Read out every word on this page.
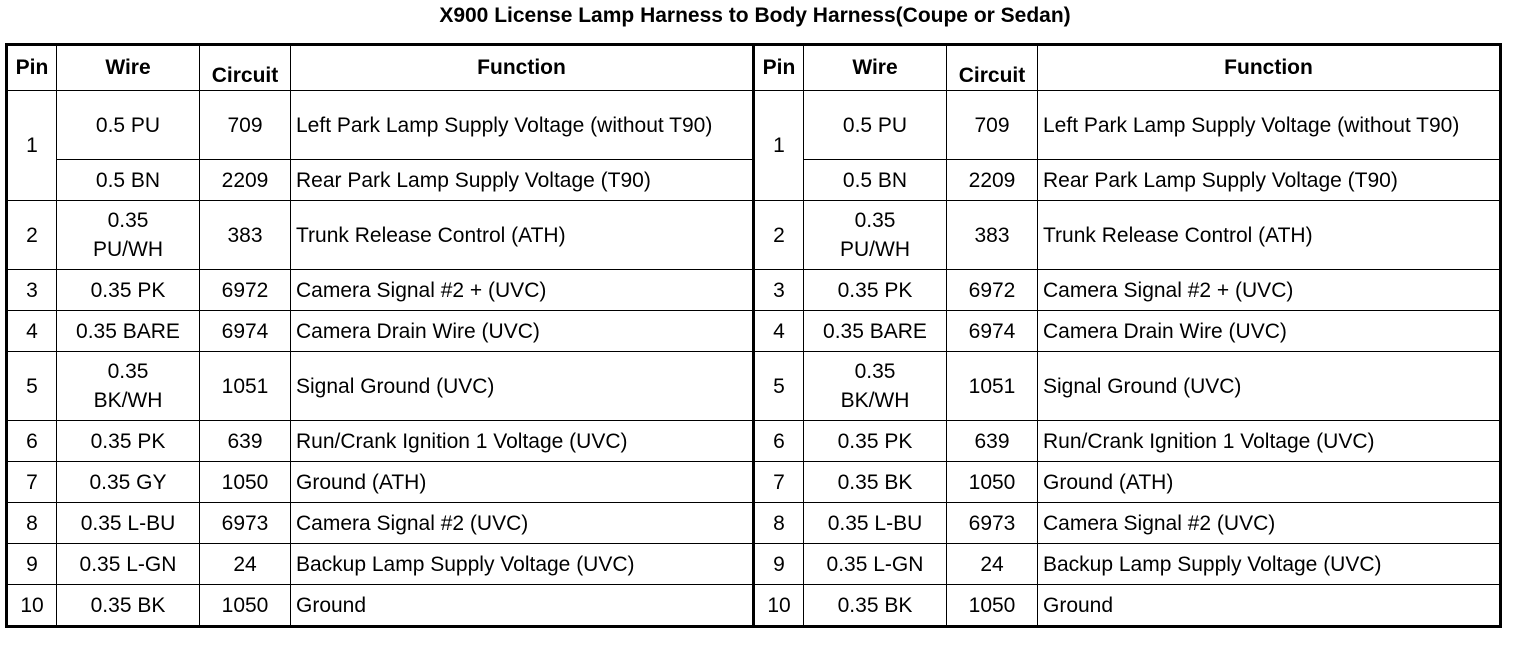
X900 License Lamp Harness to Body Harness(Coupe or Sedan)
Pin	Wire	Circuit	Function	Pin	Wire	Circuit	Function
1	0.5 PU	709	Left Park Lamp Supply Voltage (without T90)	1	0.5 PU	709	Left Park Lamp Supply Voltage (without T90)
	0.5 BN	2209	Rear Park Lamp Supply Voltage (T90)		0.5 BN	2209	Rear Park Lamp Supply Voltage (T90)
2	0.35 PU/WH	383	Trunk Release Control (ATH)	2	0.35 PU/WH	383	Trunk Release Control (ATH)
3	0.35 PK	6972	Camera Signal #2 + (UVC)	3	0.35 PK	6972	Camera Signal #2 + (UVC)
4	0.35 BARE	6974	Camera Drain Wire (UVC)	4	0.35 BARE	6974	Camera Drain Wire (UVC)
5	0.35 BK/WH	1051	Signal Ground (UVC)	5	0.35 BK/WH	1051	Signal Ground (UVC)
6	0.35 PK	639	Run/Crank Ignition 1 Voltage (UVC)	6	0.35 PK	639	Run/Crank Ignition 1 Voltage (UVC)
7	0.35 GY	1050	Ground (ATH)	7	0.35 BK	1050	Ground (ATH)
8	0.35 L-BU	6973	Camera Signal #2 (UVC)	8	0.35 L-BU	6973	Camera Signal #2 (UVC)
9	0.35 L-GN	24	Backup Lamp Supply Voltage (UVC)	9	0.35 L-GN	24	Backup Lamp Supply Voltage (UVC)
10	0.35 BK	1050	Ground	10	0.35 BK	1050	Ground
